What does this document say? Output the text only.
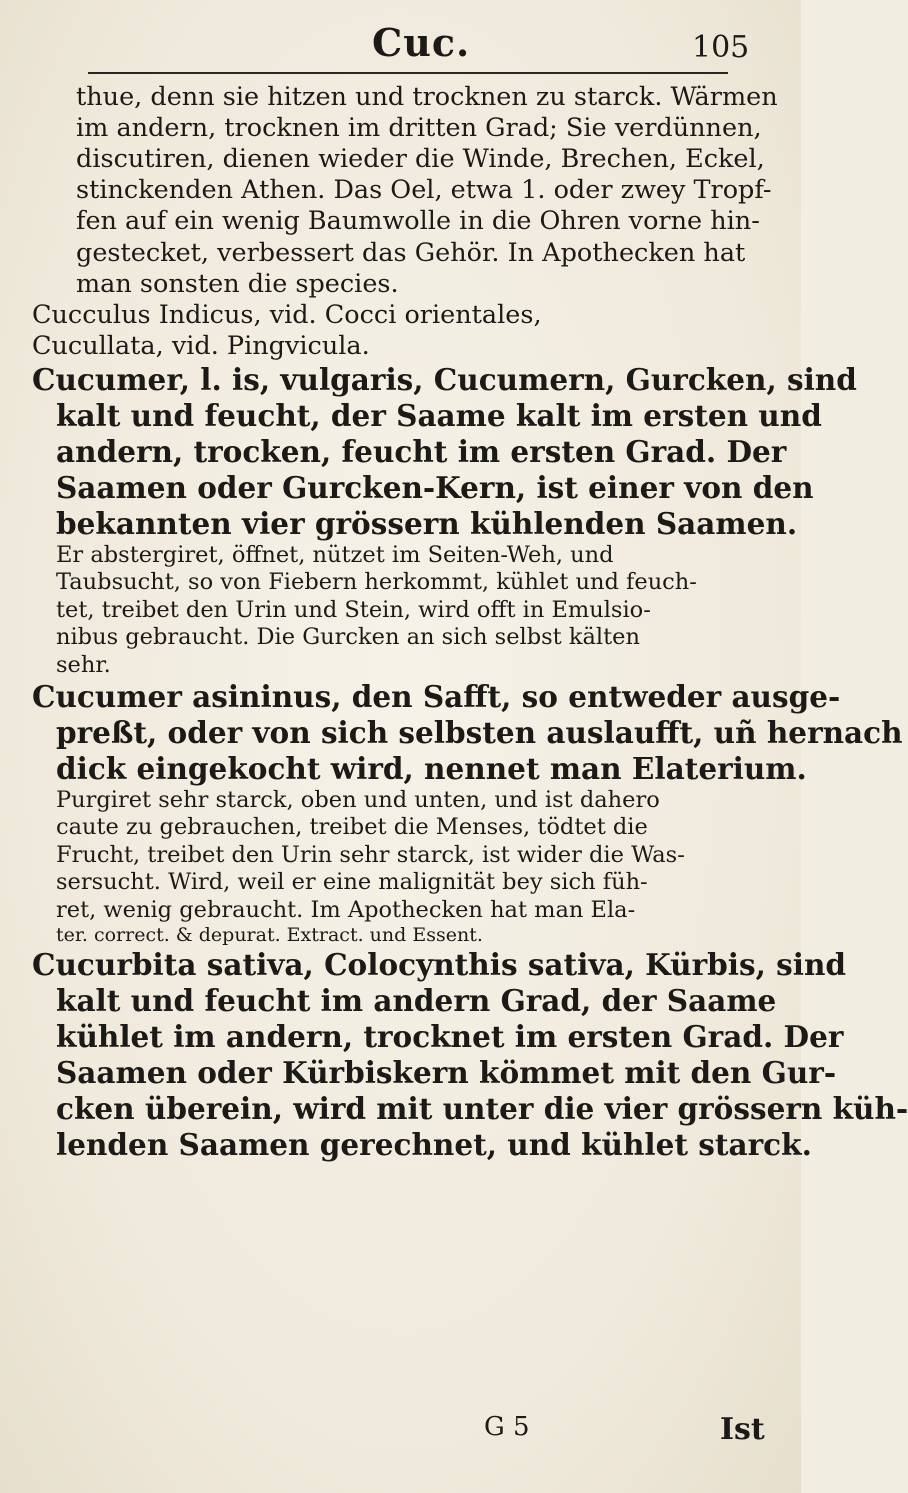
Cuc.	105
thue, denn sie hitzen und trocknen zu starck. Wärmen
im andern, trocknen im dritten Grad; Sie verdünnen,
discutiren, dienen wieder die Winde, Brechen, Eckel,
stinckenden Athen. Das Oel, etwa 1. oder zwey Tropf-
fen auf ein wenig Baumwolle in die Ohren vorne hin-
gestecket, verbessert das Gehör. In Apothecken hat
man sonsten die species.
Cucculus Indicus, vid. Cocci orientales,
Cucullata, vid. Pingvicula.
Cucumer, l. is, vulgaris, Cucumern, Gurcken, sind
kalt und feucht, der Saame kalt im ersten und
andern, trocken, feucht im ersten Grad. Der
Saamen oder Gurcken-Kern, ist einer von den
bekannten vier grössern kühlenden Saamen.
Er abstergiret, öffnet, nützet im Seiten-Weh, und
Taubsucht, so von Fiebern herkommt, kühlet und feuch-
tet, treibet den Urin und Stein, wird offt in Emulsio-
nibus gebraucht. Die Gurcken an sich selbst kälten
sehr.
Cucumer asininus, den Safft, so entweder ausge-
preßt, oder von sich selbsten auslaufft, uñ hernach
dick eingekocht wird, nennet man Elaterium.
Purgiret sehr starck, oben und unten, und ist dahero
caute zu gebrauchen, treibet die Menses, tödtet die
Frucht, treibet den Urin sehr starck, ist wider die Was-
sersucht. Wird, weil er eine malignität bey sich füh-
ret, wenig gebraucht. Im Apothecken hat man Ela-
ter. correct. & depurat. Extract. und Essent.
Cucurbita sativa, Colocynthis sativa, Kürbis, sind
kalt und feucht im andern Grad, der Saame
kühlet im andern, trocknet im ersten Grad. Der
Saamen oder Kürbiskern kömmet mit den Gur-
cken überein, wird mit unter die vier grössern küh-
lenden Saamen gerechnet, und kühlet starck.
G 5	Ist
